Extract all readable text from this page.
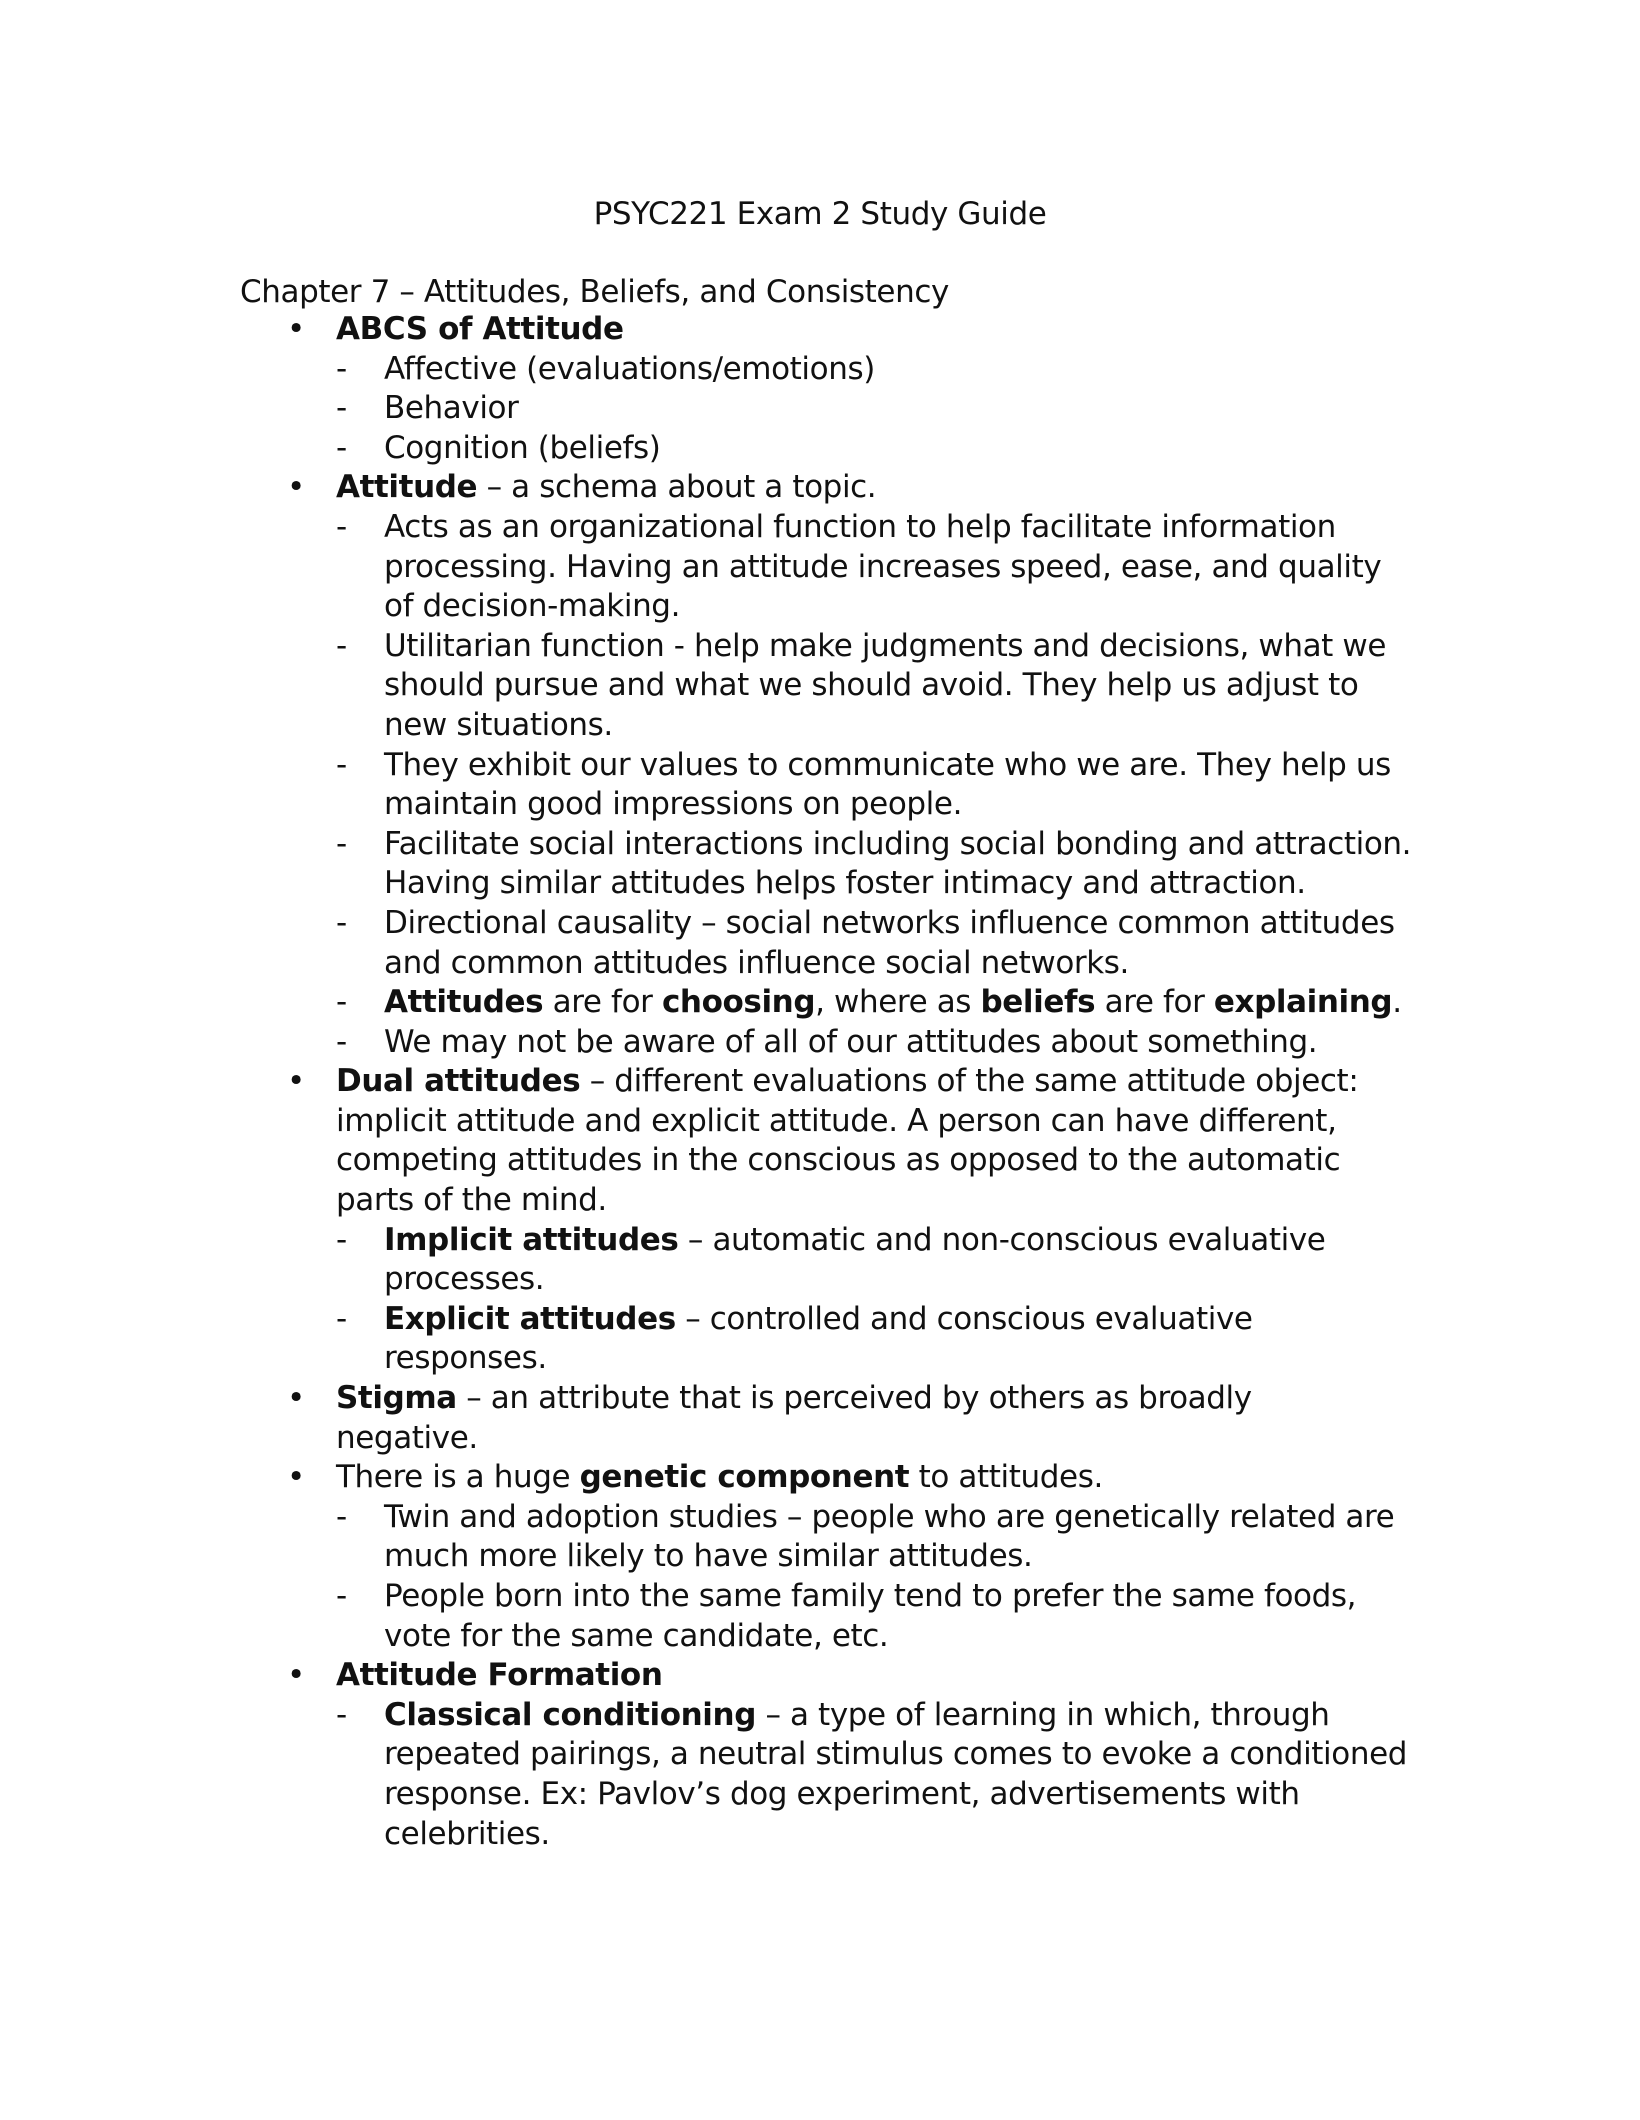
PSYC221 Exam 2 Study Guide
Chapter 7 – Attitudes, Beliefs, and Consistency
• ABCS of Attitude
- Affective (evaluations/emotions)
- Behavior
- Cognition (beliefs)
• Attitude – a schema about a topic.
- Acts as an organizational function to help facilitate information processing. Having an attitude increases speed, ease, and quality of decision-making.
- Utilitarian function - help make judgments and decisions, what we should pursue and what we should avoid. They help us adjust to new situations.
- They exhibit our values to communicate who we are. They help us maintain good impressions on people.
- Facilitate social interactions including social bonding and attraction. Having similar attitudes helps foster intimacy and attraction.
- Directional causality – social networks influence common attitudes and common attitudes influence social networks.
- Attitudes are for choosing, where as beliefs are for explaining.
- We may not be aware of all of our attitudes about something.
• Dual attitudes – different evaluations of the same attitude object: implicit attitude and explicit attitude. A person can have different, competing attitudes in the conscious as opposed to the automatic parts of the mind.
- Implicit attitudes – automatic and non-conscious evaluative processes.
- Explicit attitudes – controlled and conscious evaluative responses.
• Stigma – an attribute that is perceived by others as broadly negative.
• There is a huge genetic component to attitudes.
- Twin and adoption studies – people who are genetically related are much more likely to have similar attitudes.
- People born into the same family tend to prefer the same foods, vote for the same candidate, etc.
• Attitude Formation
- Classical conditioning – a type of learning in which, through repeated pairings, a neutral stimulus comes to evoke a conditioned response. Ex: Pavlov’s dog experiment, advertisements with celebrities.
